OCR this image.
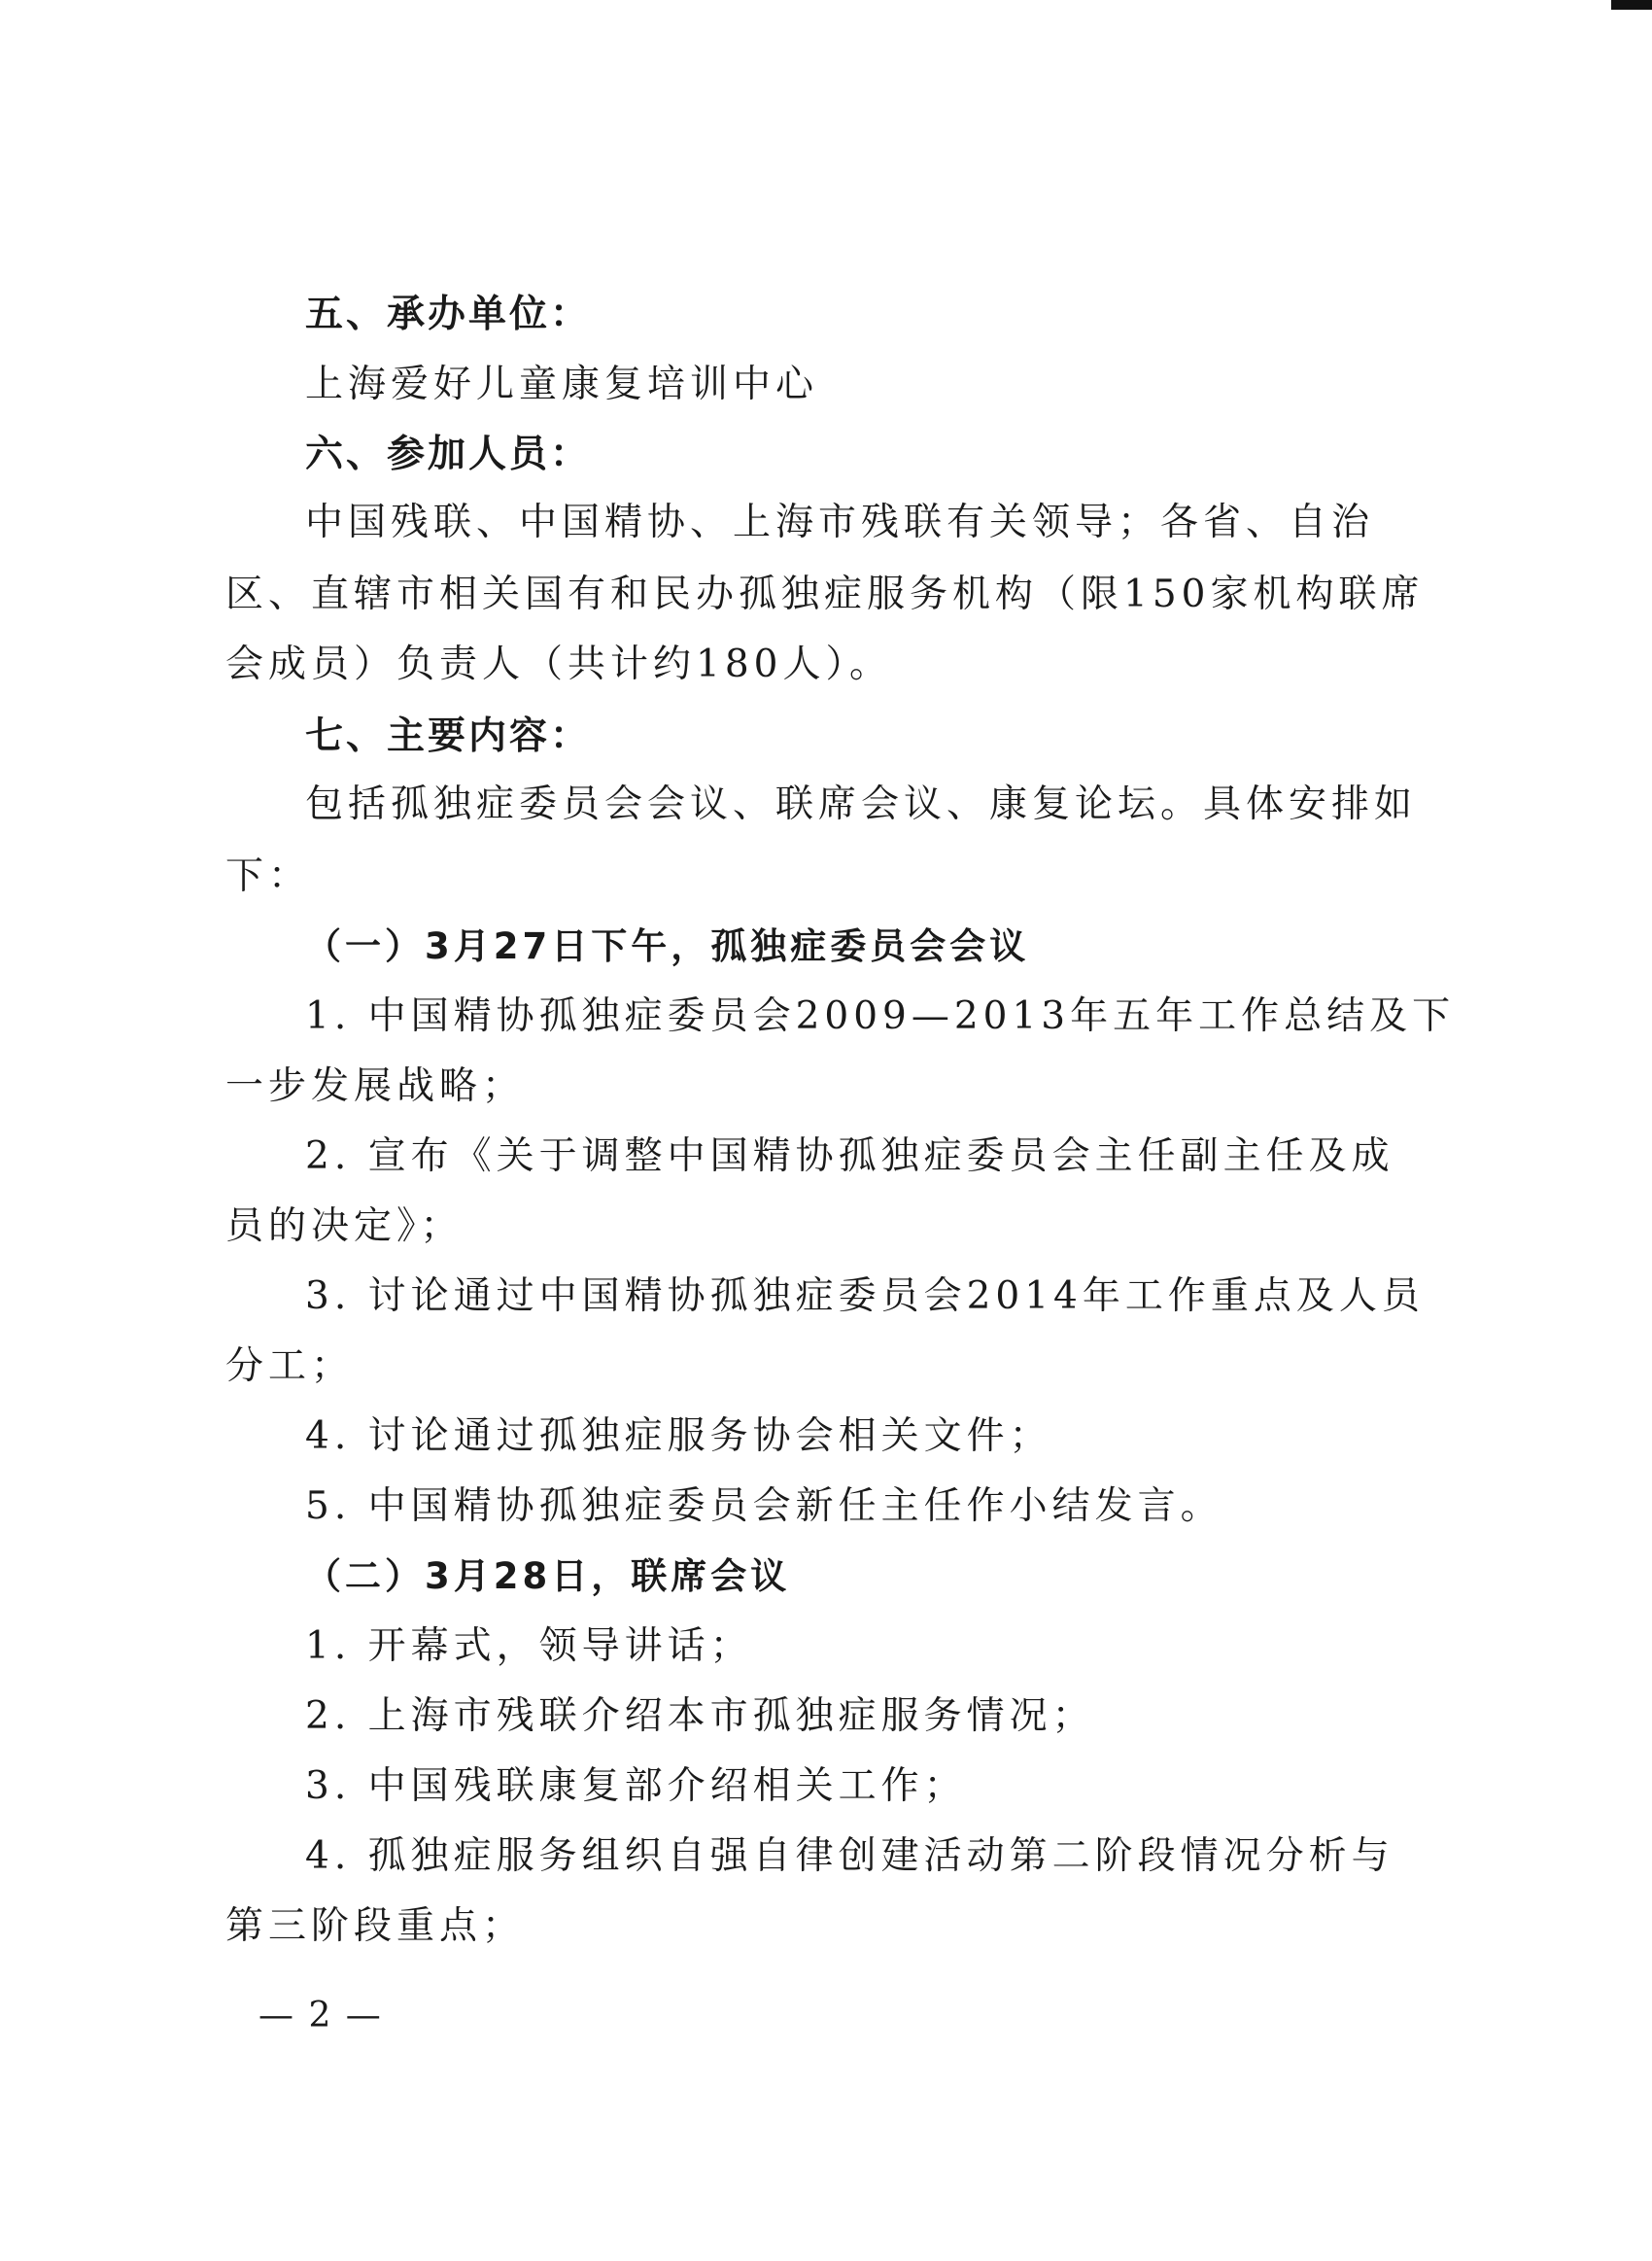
五、承办单位：
上海爱好儿童康复培训中心
六、参加人员：
中国残联、中国精协、上海市残联有关领导；各省、自治
区、直辖市相关国有和民办孤独症服务机构（限150家机构联席
会成员）负责人（共计约180人）。
七、主要内容：
包括孤独症委员会会议、联席会议、康复论坛。具体安排如
下：
（一）3月27日下午，孤独症委员会会议
1. 中国精协孤独症委员会2009—2013年五年工作总结及下
一步发展战略；
2. 宣布《关于调整中国精协孤独症委员会主任副主任及成
员的决定》；
3. 讨论通过中国精协孤独症委员会2014年工作重点及人员
分工；
4. 讨论通过孤独症服务协会相关文件；
5. 中国精协孤独症委员会新任主任作小结发言。
（二）3月28日，联席会议
1. 开幕式，领导讲话；
2. 上海市残联介绍本市孤独症服务情况；
3. 中国残联康复部介绍相关工作；
4. 孤独症服务组织自强自律创建活动第二阶段情况分析与
第三阶段重点；
— 2 —
